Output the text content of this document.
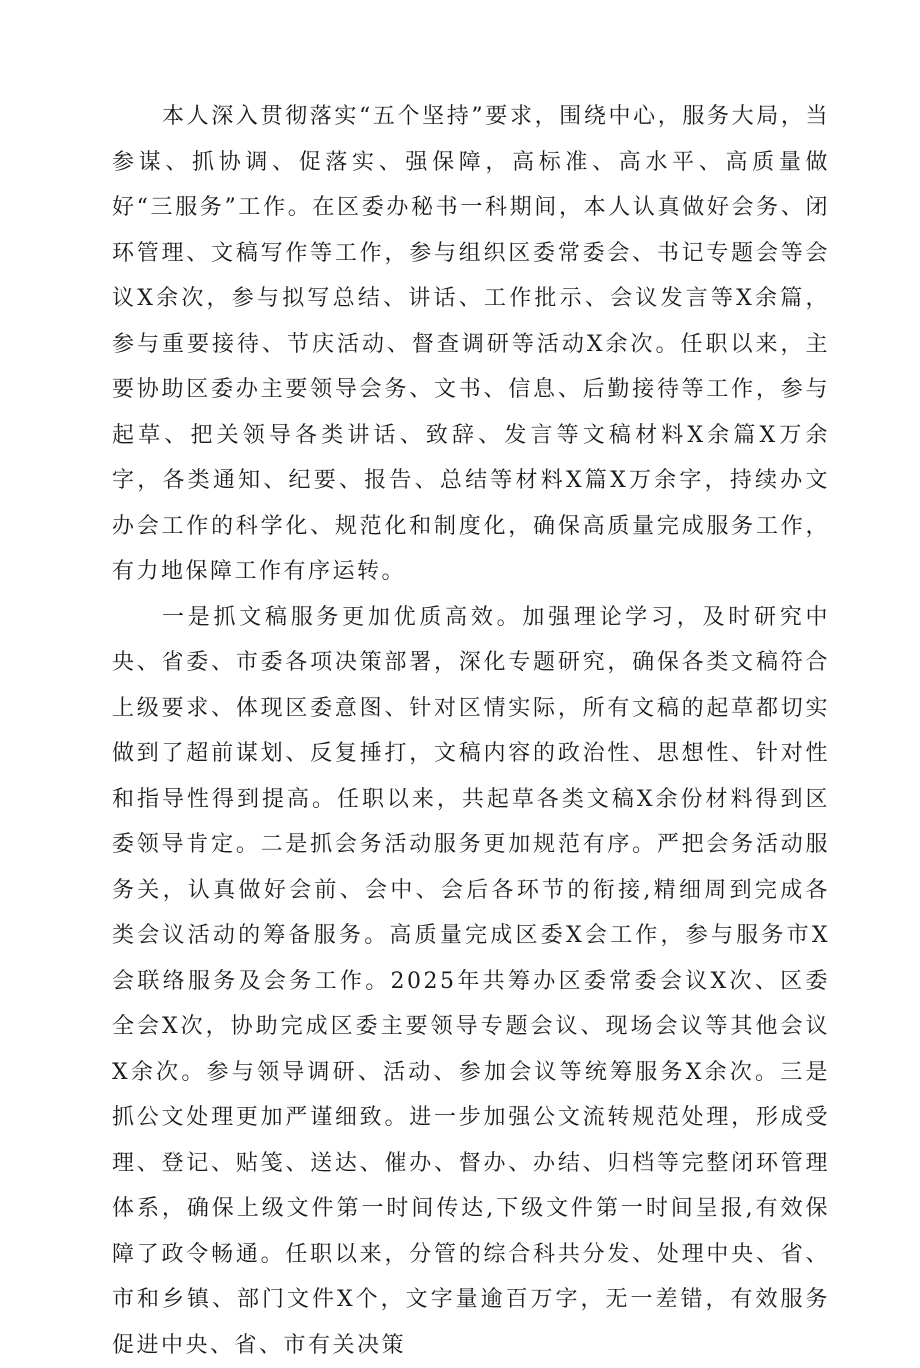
本人深入贯彻落实“五个坚持”要求，围绕中心，服务大局，当参谋、抓协调、促落实、强保障，高标准、高水平、高质量做好“三服务”工作。在区委办秘书一科期间，本人认真做好会务、闭环管理、文稿写作等工作，参与组织区委常委会、书记专题会等会议X余次，参与拟写总结、讲话、工作批示、会议发言等X余篇，参与重要接待、节庆活动、督查调研等活动X余次。任职以来，主要协助区委办主要领导会务、文书、信息、后勤接待等工作，参与起草、把关领导各类讲话、致辞、发言等文稿材料X余篇X万余字，各类通知、纪要、报告、总结等材料X篇X万余字，持续办文办会工作的科学化、规范化和制度化，确保高质量完成服务工作，有力地保障工作有序运转。

一是抓文稿服务更加优质高效。加强理论学习，及时研究中央、省委、市委各项决策部署，深化专题研究，确保各类文稿符合上级要求、体现区委意图、针对区情实际，所有文稿的起草都切实做到了超前谋划、反复捶打，文稿内容的政治性、思想性、针对性和指导性得到提高。任职以来，共起草各类文稿X余份材料得到区委领导肯定。二是抓会务活动服务更加规范有序。严把会务活动服务关，认真做好会前、会中、会后各环节的衔接,精细周到完成各类会议活动的筹备服务。高质量完成区委X会工作，参与服务市X会联络服务及会务工作。2025年共筹办区委常委会议X次、区委全会X次，协助完成区委主要领导专题会议、现场会议等其他会议X余次。参与领导调研、活动、参加会议等统筹服务X余次。三是抓公文处理更加严谨细致。进一步加强公文流转规范处理，形成受理、登记、贴笺、送达、催办、督办、办结、归档等完整闭环管理体系，确保上级文件第一时间传达,下级文件第一时间呈报,有效保障了政令畅通。任职以来，分管的综合科共分发、处理中央、省、市和乡镇、部门文件X个，文字量逾百万字，无一差错，有效服务促进中央、省、市有关决策
